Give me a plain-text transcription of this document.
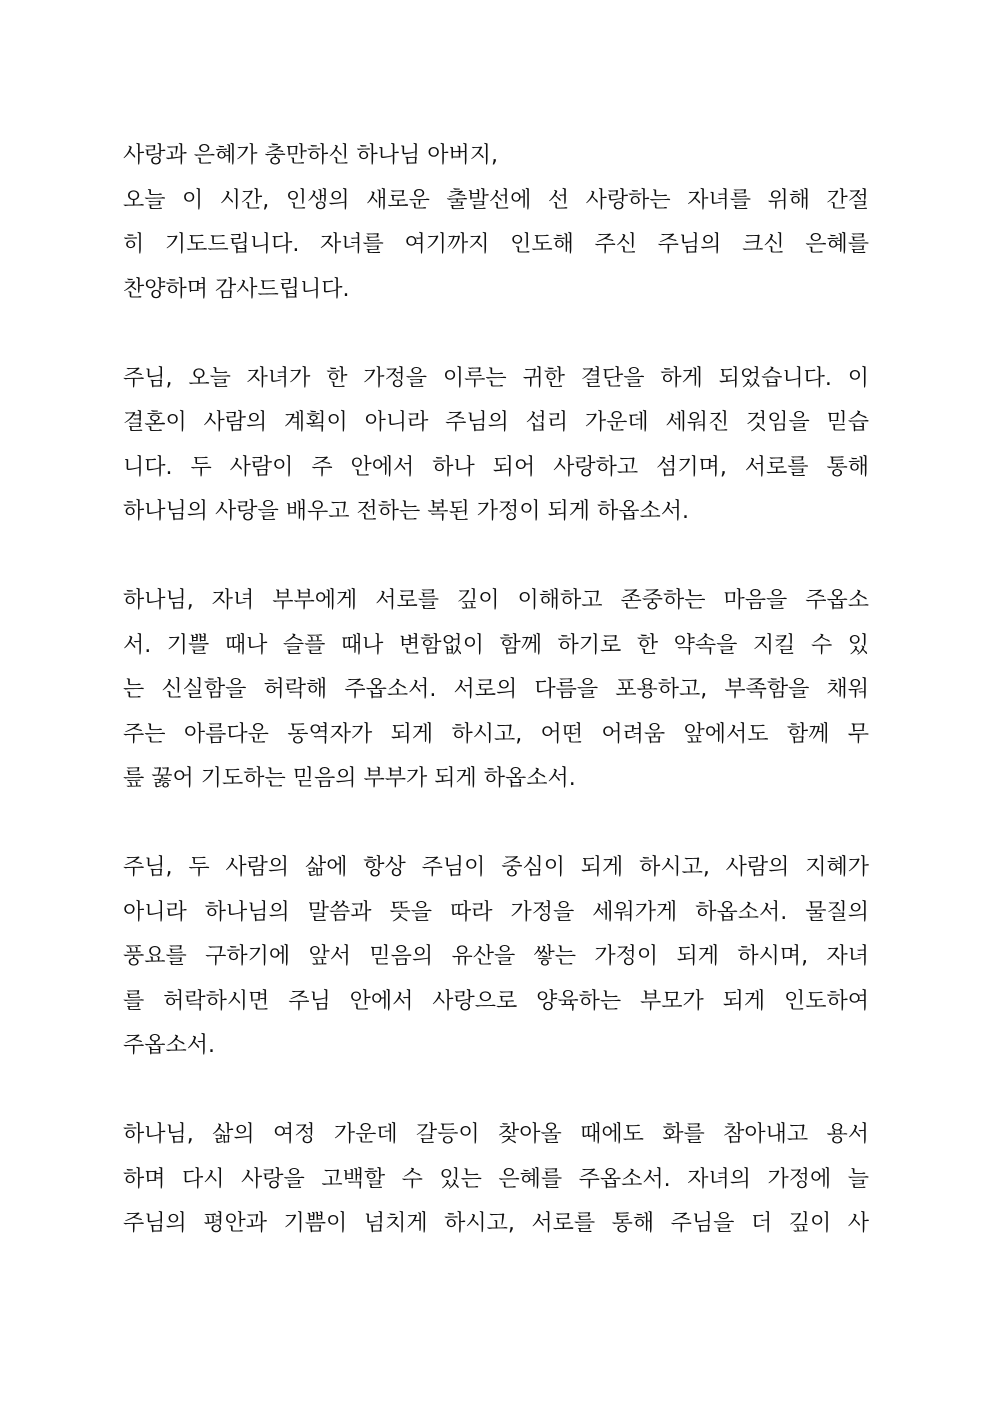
사랑과 은혜가 충만하신 하나님 아버지,
오늘 이 시간, 인생의 새로운 출발선에 선 사랑하는 자녀를 위해 간절
히 기도드립니다. 자녀를 여기까지 인도해 주신 주님의 크신 은혜를
찬양하며 감사드립니다.
주님, 오늘 자녀가 한 가정을 이루는 귀한 결단을 하게 되었습니다. 이
결혼이 사람의 계획이 아니라 주님의 섭리 가운데 세워진 것임을 믿습
니다. 두 사람이 주 안에서 하나 되어 사랑하고 섬기며, 서로를 통해
하나님의 사랑을 배우고 전하는 복된 가정이 되게 하옵소서.
하나님, 자녀 부부에게 서로를 깊이 이해하고 존중하는 마음을 주옵소
서. 기쁠 때나 슬플 때나 변함없이 함께 하기로 한 약속을 지킬 수 있
는 신실함을 허락해 주옵소서. 서로의 다름을 포용하고, 부족함을 채워
주는 아름다운 동역자가 되게 하시고, 어떤 어려움 앞에서도 함께 무
릎 꿇어 기도하는 믿음의 부부가 되게 하옵소서.
주님, 두 사람의 삶에 항상 주님이 중심이 되게 하시고, 사람의 지혜가
아니라 하나님의 말씀과 뜻을 따라 가정을 세워가게 하옵소서. 물질의
풍요를 구하기에 앞서 믿음의 유산을 쌓는 가정이 되게 하시며, 자녀
를 허락하시면 주님 안에서 사랑으로 양육하는 부모가 되게 인도하여
주옵소서.
하나님, 삶의 여정 가운데 갈등이 찾아올 때에도 화를 참아내고 용서
하며 다시 사랑을 고백할 수 있는 은혜를 주옵소서. 자녀의 가정에 늘
주님의 평안과 기쁨이 넘치게 하시고, 서로를 통해 주님을 더 깊이 사
